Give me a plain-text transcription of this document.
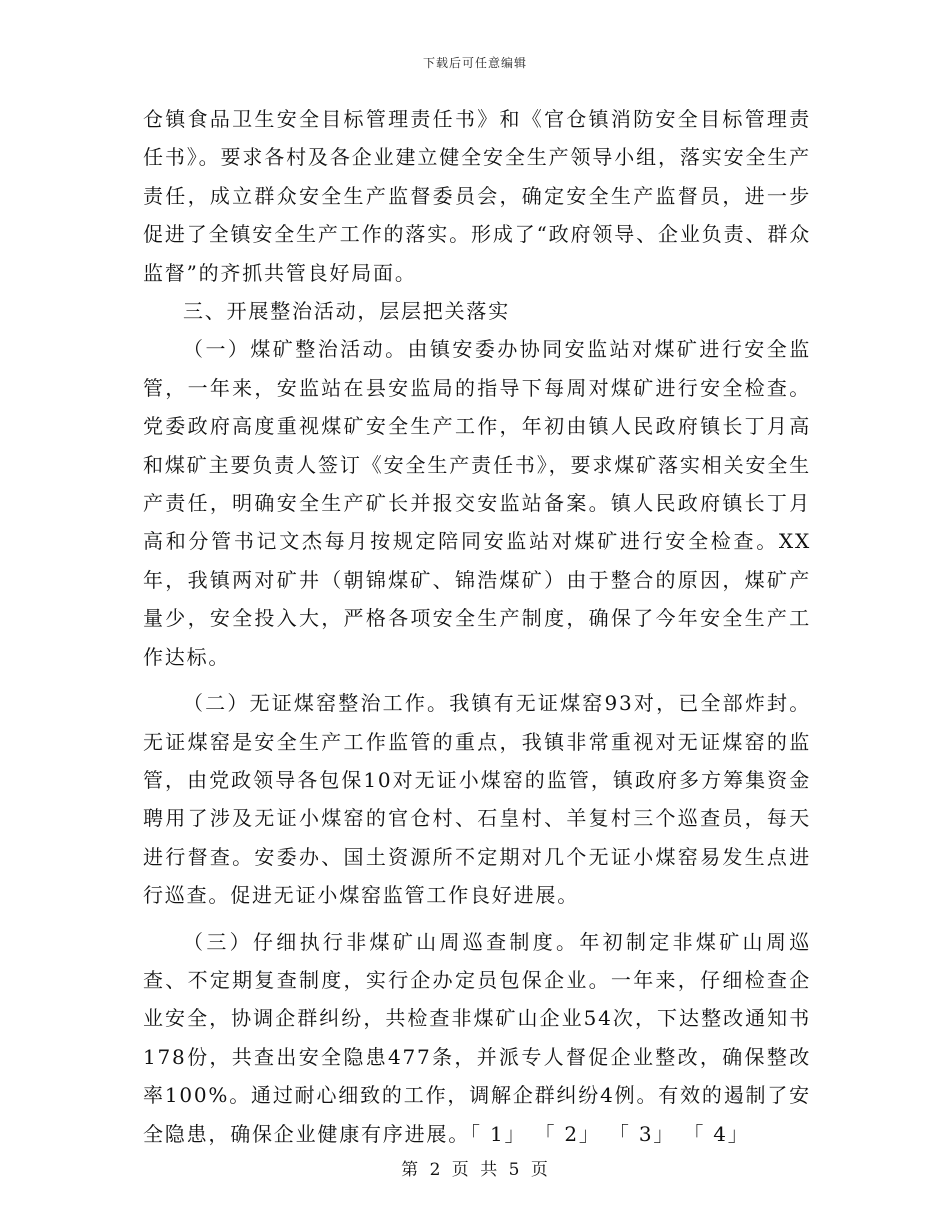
下载后可任意编辑

仓镇食品卫生安全目标管理责任书》和《官仓镇消防安全目标管理责任书》。要求各村及各企业建立健全安全生产领导小组，落实安全生产责任，成立群众安全生产监督委员会，确定安全生产监督员，进一步促进了全镇安全生产工作的落实。形成了“政府领导、企业负责、群众监督”的齐抓共管良好局面。

三、开展整治活动，层层把关落实

（一）煤矿整治活动。由镇安委办协同安监站对煤矿进行安全监管，一年来，安监站在县安监局的指导下每周对煤矿进行安全检查。党委政府高度重视煤矿安全生产工作，年初由镇人民政府镇长丁月高和煤矿主要负责人签订《安全生产责任书》，要求煤矿落实相关安全生产责任，明确安全生产矿长并报交安监站备案。镇人民政府镇长丁月高和分管书记文杰每月按规定陪同安监站对煤矿进行安全检查。XX年，我镇两对矿井（朝锦煤矿、锦浩煤矿）由于整合的原因，煤矿产量少，安全投入大，严格各项安全生产制度，确保了今年安全生产工作达标。

（二）无证煤窑整治工作。我镇有无证煤窑93对，已全部炸封。无证煤窑是安全生产工作监管的重点，我镇非常重视对无证煤窑的监管，由党政领导各包保10对无证小煤窑的监管，镇政府多方筹集资金聘用了涉及无证小煤窑的官仓村、石皇村、羊复村三个巡查员，每天进行督查。安委办、国土资源所不定期对几个无证小煤窑易发生点进行巡查。促进无证小煤窑监管工作良好进展。

（三）仔细执行非煤矿山周巡查制度。年初制定非煤矿山周巡查、不定期复查制度，实行企办定员包保企业。一年来，仔细检查企业安全，协调企群纠纷，共检查非煤矿山企业54次，下达整改通知书178份，共查出安全隐患477条，并派专人督促企业整改，确保整改率100%。通过耐心细致的工作，调解企群纠纷4例。有效的遏制了安全隐患，确保企业健康有序进展。「 1」 「 2」 「 3」 「 4」

第 2 页 共 5 页
